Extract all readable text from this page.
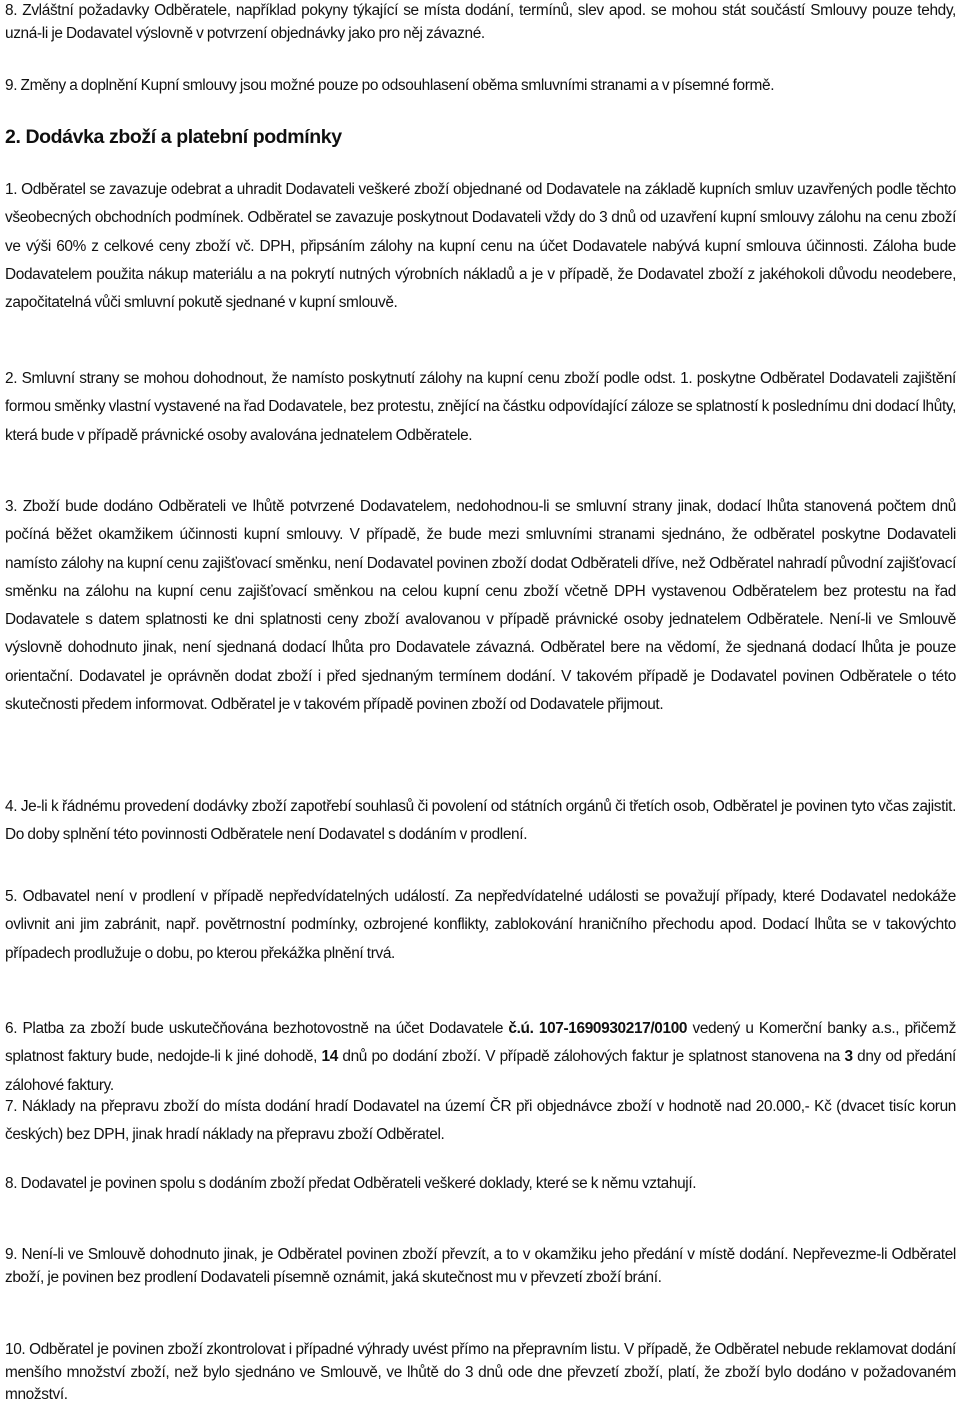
8. Zvláštní požadavky Odběratele, například pokyny týkající se místa dodání, termínů, slev apod. se mohou stát součástí Smlouvy pouze tehdy, uzná-li je Dodavatel výslovně v potvrzení objednávky jako pro něj závazné.

9. Změny a doplnění Kupní smlouvy jsou možné pouze po odsouhlasení oběma smluvními stranami a v písemné formě.

2. Dodávka zboží a platební podmínky

1. Odběratel se zavazuje odebrat a uhradit Dodavateli veškeré zboží objednané od Dodavatele na základě kupních smluv uzavřených podle těchto všeobecných obchodních podmínek. Odběratel se zavazuje poskytnout Dodavateli vždy do 3 dnů od uzavření kupní smlouvy zálohu na cenu zboží ve výši 60% z celkové ceny zboží vč. DPH, připsáním zálohy na kupní cenu na účet Dodavatele nabývá kupní smlouva účinnosti. Záloha bude Dodavatelem použita nákup materiálu a na pokrytí nutných výrobních nákladů a je v případě, že Dodavatel zboží z jakéhokoli důvodu neodebere, započitatelná vůči smluvní pokutě sjednané v kupní smlouvě.

2. Smluvní strany se mohou dohodnout, že namísto poskytnutí zálohy na kupní cenu zboží podle odst. 1. poskytne Odběratel Dodavateli zajištění formou směnky vlastní vystavené na řad Dodavatele, bez protestu, znějící na částku odpovídající záloze se splatností k poslednímu dni dodací lhůty, která bude v případě právnické osoby avalována jednatelem Odběratele.

3. Zboží bude dodáno Odběrateli ve lhůtě potvrzené Dodavatelem, nedohodnou-li se smluvní strany jinak, dodací lhůta stanovená počtem dnů počíná běžet okamžikem účinnosti kupní smlouvy. V případě, že bude mezi smluvními stranami sjednáno, že odběratel poskytne Dodavateli namísto zálohy na kupní cenu zajišťovací směnku, není Dodavatel povinen zboží dodat Odběrateli dříve, než Odběratel nahradí původní zajišťovací směnku na zálohu na kupní cenu zajišťovací směnkou na celou kupní cenu zboží včetně DPH vystavenou Odběratelem bez protestu na řad Dodavatele s datem splatnosti ke dni splatnosti ceny zboží avalovanou v případě právnické osoby jednatelem Odběratele. Není-li ve Smlouvě výslovně dohodnuto jinak, není sjednaná dodací lhůta pro Dodavatele závazná. Odběratel bere na vědomí, že sjednaná dodací lhůta je pouze orientační. Dodavatel je oprávněn dodat zboží i před sjednaným termínem dodání. V takovém případě je Dodavatel povinen Odběratele o této skutečnosti předem informovat. Odběratel je v takovém případě povinen zboží od Dodavatele přijmout.

4. Je-li k řádnému provedení dodávky zboží zapotřebí souhlasů či povolení od státních orgánů či třetích osob, Odběratel je povinen tyto včas zajistit. Do doby splnění této povinnosti Odběratele není Dodavatel s dodáním v prodlení.

5. Odbavatel není v prodlení v případě nepředvídatelných událostí. Za nepředvídatelné události se považují případy, které Dodavatel nedokáže ovlivnit ani jim zabránit, např. povětrnostní podmínky, ozbrojené konflikty, zablokování hraničního přechodu apod. Dodací lhůta se v takovýchto případech prodlužuje o dobu, po kterou překážka plnění trvá.

6. Platba za zboží bude uskutečňována bezhotovostně na účet Dodavatele č.ú. 107-1690930217/0100 vedený u Komerční banky a.s., přičemž splatnost faktury bude, nedojde-li k jiné dohodě, 14 dnů po dodání zboží. V případě zálohových faktur je splatnost stanovena na 3 dny od předání zálohové faktury.

7. Náklady na přepravu zboží do místa dodání hradí Dodavatel na území ČR při objednávce zboží v hodnotě nad 20.000,- Kč (dvacet tisíc korun českých) bez DPH, jinak hradí náklady na přepravu zboží Odběratel.

8. Dodavatel je povinen spolu s dodáním zboží předat Odběrateli veškeré doklady, které se k němu vztahují.

9. Není-li ve Smlouvě dohodnuto jinak, je Odběratel povinen zboží převzít, a to v okamžiku jeho předání v místě dodání. Nepřevezme-li Odběratel zboží, je povinen bez prodlení Dodavateli písemně oznámit, jaká skutečnost mu v převzetí zboží brání.

10. Odběratel je povinen zboží zkontrolovat i případné výhrady uvést přímo na přepravním listu. V případě, že Odběratel nebude reklamovat dodání menšího množství zboží, než bylo sjednáno ve Smlouvě, ve lhůtě do 3 dnů ode dne převzetí zboží, platí, že zboží bylo dodáno v požadovaném množství.
